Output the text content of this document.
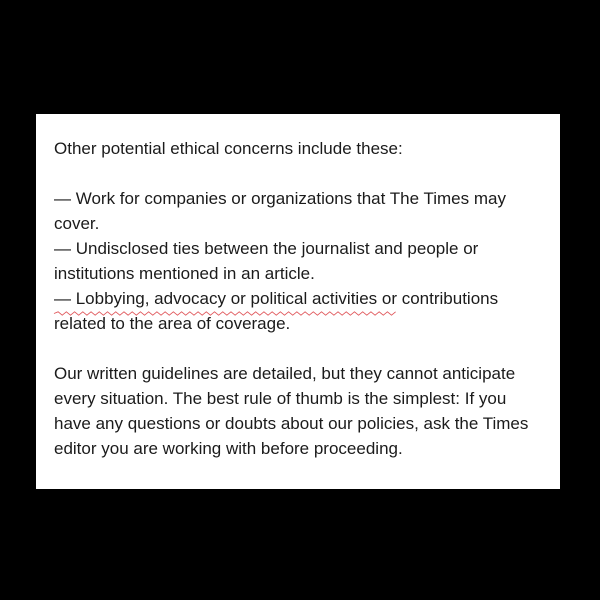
Other potential ethical concerns include these:
— Work for companies or organizations that The Times may
cover.
— Undisclosed ties between the journalist and people or
institutions mentioned in an article.
— Lobbying, advocacy or political activities or
contributions
related to the area of coverage.
Our written guidelines are detailed, but they cannot anticipate
every situation. The best rule of thumb is the simplest: If you
have any questions or doubts about our policies, ask the Times
editor you are working with before proceeding.
